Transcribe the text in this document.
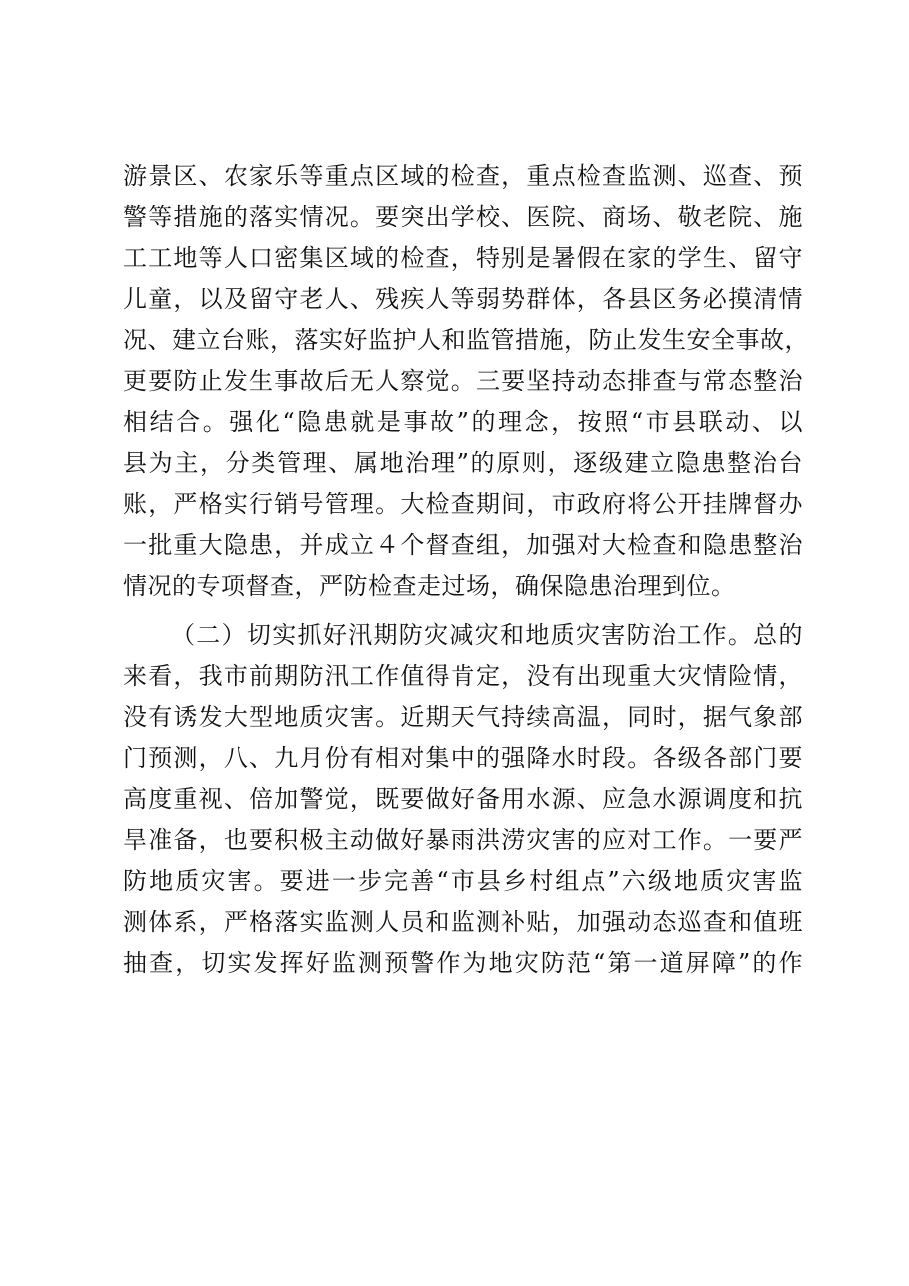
游景区、农家乐等重点区域的检查，重点检查监测、巡查、预
警等措施的落实情况。要突出学校、医院、商场、敬老院、施
工工地等人口密集区域的检查，特别是暑假在家的学生、留守
儿童，以及留守老人、残疾人等弱势群体，各县区务必摸清情
况、建立台账，落实好监护人和监管措施，防止发生安全事故，
更要防止发生事故后无人察觉。三要坚持动态排查与常态整治
相结合。强化“隐患就是事故”的理念，按照“市县联动、以
县为主，分类管理、属地治理”的原则，逐级建立隐患整治台
账，严格实行销号管理。大检查期间，市政府将公开挂牌督办
一批重大隐患，并成立４个督查组，加强对大检查和隐患整治
情况的专项督查，严防检查走过场，确保隐患治理到位。
（二）切实抓好汛期防灾减灾和地质灾害防治工作。总的
来看，我市前期防汛工作值得肯定，没有出现重大灾情险情，
没有诱发大型地质灾害。近期天气持续高温，同时，据气象部
门预测，八、九月份有相对集中的强降水时段。各级各部门要
高度重视、倍加警觉，既要做好备用水源、应急水源调度和抗
旱准备，也要积极主动做好暴雨洪涝灾害的应对工作。一要严
防地质灾害。要进一步完善“市县乡村组点”六级地质灾害监
测体系，严格落实监测人员和监测补贴，加强动态巡查和值班
抽查，切实发挥好监测预警作为地灾防范“第一道屏障”的作
